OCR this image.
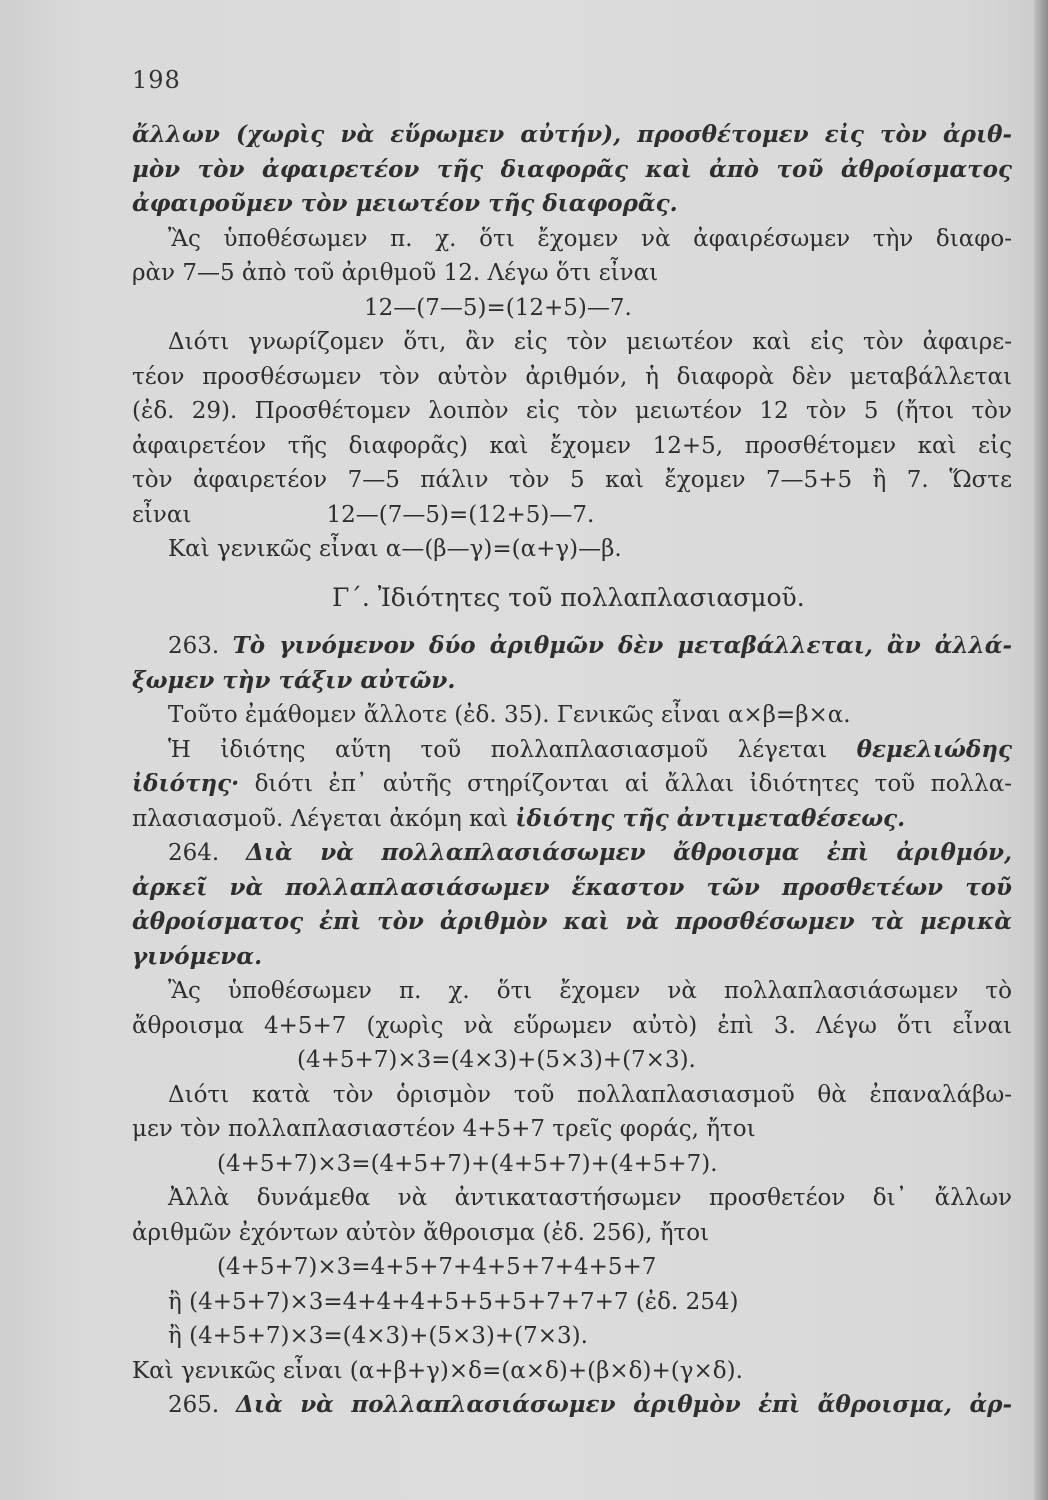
198
ἄλλων (χωρὶς νὰ εὕρωμεν αὐτήν), προσθέτομεν εἰς τὸν ἀριθ-
μὸν τὸν ἀφαιρετέον τῆς διαφορᾶς καὶ ἀπὸ τοῦ ἀθροίσματος
ἀφαιροῦμεν τὸν μειωτέον τῆς διαφορᾶς.
Ἂς ὑποθέσωμεν π. χ. ὅτι ἔχομεν νὰ ἀφαιρέσωμεν τὴν διαφο-
ρὰν 7—5 ἀπὸ τοῦ ἀριθμοῦ 12. Λέγω ὅτι εἶναι
12—(7—5)=(12+5)—7.
Διότι γνωρίζομεν ὅτι, ἂν εἰς τὸν μειωτέον καὶ εἰς τὸν ἀφαιρε-
τέον προσθέσωμεν τὸν αὐτὸν ἀριθμόν, ἡ διαφορὰ δὲν μεταβάλλεται
(ἐδ. 29). Προσθέτομεν λοιπὸν εἰς τὸν μειωτέον 12 τὸν 5 (ἤτοι τὸν
ἀφαιρετέον τῆς διαφορᾶς) καὶ ἔχομεν 12+5, προσθέτομεν καὶ εἰς
τὸν ἀφαιρετέον 7—5 πάλιν τὸν 5 καὶ ἔχομεν 7—5+5 ἢ 7. Ὥστε
εἶναι	12—(7—5)=(12+5)—7.
Καὶ γενικῶς εἶναι α—(β—γ)=(α+γ)—β.
Γ΄. Ἰδιότητες τοῦ πολλαπλασιασμοῦ.
263. Τὸ γινόμενον δύο ἀριθμῶν δὲν μεταβάλλεται, ἂν ἀλλά-
ξωμεν τὴν τάξιν αὐτῶν.
Τοῦτο ἐμάθομεν ἄλλοτε (ἐδ. 35). Γενικῶς εἶναι α×β=β×α.
Ἡ ἰδιότης αὕτη τοῦ πολλαπλασιασμοῦ λέγεται θεμελιώδης
ἰδιότης· διότι ἐπ᾿ αὐτῆς στηρίζονται αἱ ἄλλαι ἰδιότητες τοῦ πολλα-
πλασιασμοῦ. Λέγεται ἀκόμη καὶ ἰδιότης τῆς ἀντιμεταθέσεως.
264. Διὰ νὰ πολλαπλασιάσωμεν ἄθροισμα ἐπὶ ἀριθμόν,
ἀρκεῖ νὰ πολλαπλασιάσωμεν ἕκαστον τῶν προσθετέων τοῦ
ἀθροίσματος ἐπὶ τὸν ἀριθμὸν καὶ νὰ προσθέσωμεν τὰ μερικὰ
γινόμενα.
Ἂς ὑποθέσωμεν π. χ. ὅτι ἔχομεν νὰ πολλαπλασιάσωμεν τὸ
ἄθροισμα 4+5+7 (χωρὶς νὰ εὕρωμεν αὐτὸ) ἐπὶ 3. Λέγω ὅτι εἶναι
(4+5+7)×3=(4×3)+(5×3)+(7×3).
Διότι κατὰ τὸν ὁρισμὸν τοῦ πολλαπλασιασμοῦ θὰ ἐπαναλάβω-
μεν τὸν πολλαπλασιαστέον 4+5+7 τρεῖς φοράς, ἤτοι
(4+5+7)×3=(4+5+7)+(4+5+7)+(4+5+7).
Ἀλλὰ δυνάμεθα νὰ ἀντικαταστήσωμεν προσθετέον δι᾿ ἄλλων
ἀριθμῶν ἐχόντων αὐτὸν ἄθροισμα (ἐδ. 256), ἤτοι
(4+5+7)×3=4+5+7+4+5+7+4+5+7
ἢ (4+5+7)×3=4+4+4+5+5+5+7+7+7 (ἐδ. 254)
ἢ (4+5+7)×3=(4×3)+(5×3)+(7×3).
Καὶ γενικῶς εἶναι (α+β+γ)×δ=(α×δ)+(β×δ)+(γ×δ).
265. Διὰ νὰ πολλαπλασιάσωμεν ἀριθμὸν ἐπὶ ἄθροισμα, ἀρ-
